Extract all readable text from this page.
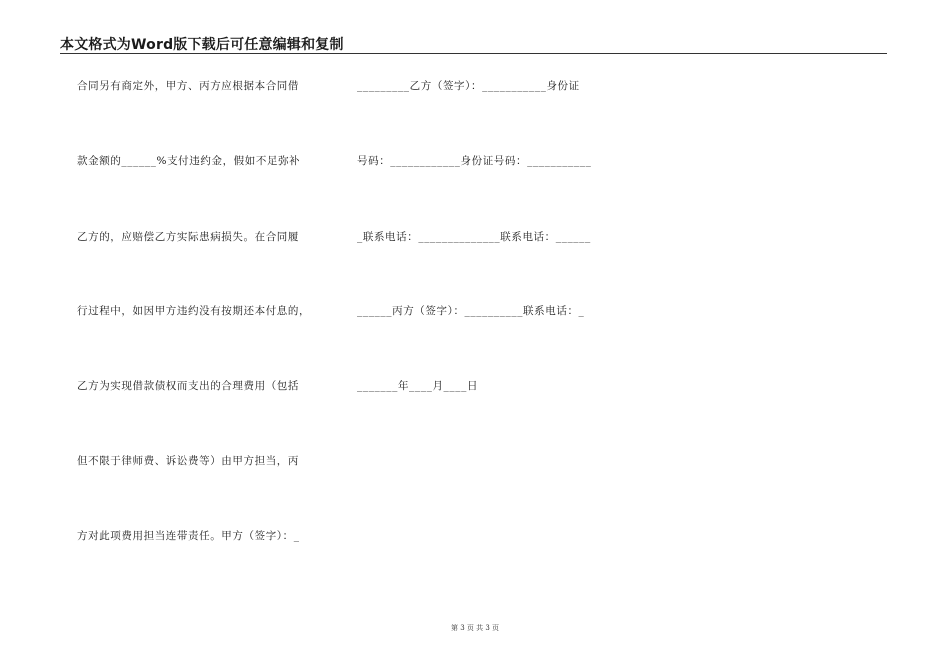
本文格式为Word版下载后可任意编辑和复制
合同另有商定外，甲方、丙方应根据本合同借
款金额的______%支付违约金，假如不足弥补
乙方的，应赔偿乙方实际患病损失。在合同履
行过程中，如因甲方违约没有按期还本付息的，
乙方为实现借款债权而支出的合理费用（包括
但不限于律师费、诉讼费等）由甲方担当，丙
方对此项费用担当连带责任。甲方（签字）：_
_________乙方（签字）：___________身份证
号码：____________身份证号码：___________
_联系电话：______________联系电话：______
______丙方（签字）：__________联系电话：_
_______年____月____日
第 3 页 共 3 页
